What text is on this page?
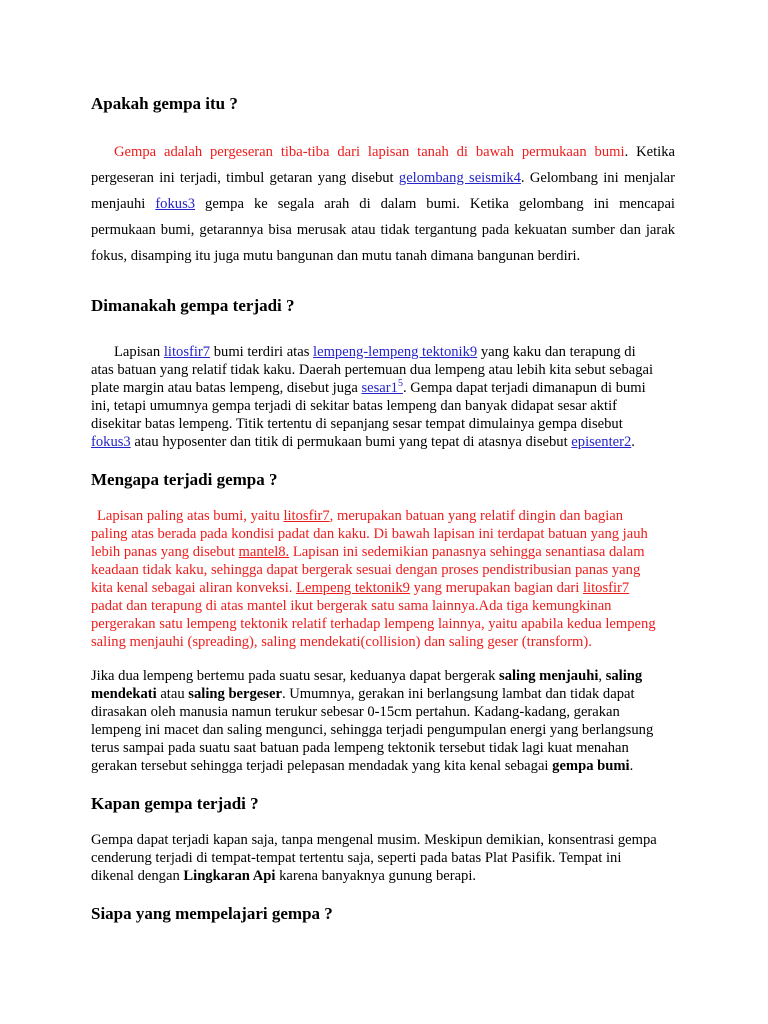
Apakah gempa itu ?
Gempa adalah pergeseran tiba-tiba dari lapisan tanah di bawah permukaan bumi. Ketika
pergeseran ini terjadi, timbul getaran yang disebut gelombang seismik4. Gelombang ini menjalar
menjauhi fokus3 gempa ke segala arah di dalam bumi. Ketika gelombang ini mencapai
permukaan bumi, getarannya bisa merusak atau tidak tergantung pada kekuatan sumber dan jarak
fokus, disamping itu juga mutu bangunan dan mutu tanah dimana bangunan berdiri.
Dimanakah gempa terjadi ?
Lapisan litosfir7 bumi terdiri atas lempeng-lempeng tektonik9 yang kaku dan terapung di
atas batuan yang relatif tidak kaku. Daerah pertemuan dua lempeng atau lebih kita sebut sebagai
plate margin atau batas lempeng, disebut juga $sesar1^5$. Gempa dapat terjadi dimanapun di bumi
ini, tetapi umumnya gempa terjadi di sekitar batas lempeng dan banyak didapat sesar aktif
disekitar batas lempeng. Titik tertentu di sepanjang sesar tempat dimulainya gempa disebut
fokus3 atau hyposenter dan titik di permukaan bumi yang tepat di atasnya disebut episenter2.
Mengapa terjadi gempa ?
Lapisan paling atas bumi, yaitu litosfir7, merupakan batuan yang relatif dingin dan bagian
paling atas berada pada kondisi padat dan kaku. Di bawah lapisan ini terdapat batuan yang jauh
lebih panas yang disebut mantel8. Lapisan ini sedemikian panasnya sehingga senantiasa dalam
keadaan tidak kaku, sehingga dapat bergerak sesuai dengan proses pendistribusian panas yang
kita kenal sebagai aliran konveksi. Lempeng tektonik9 yang merupakan bagian dari litosfir7
padat dan terapung di atas mantel ikut bergerak satu sama lainnya.Ada tiga kemungkinan
pergerakan satu lempeng tektonik relatif terhadap lempeng lainnya, yaitu apabila kedua lempeng
saling menjauhi (spreading), saling mendekati(collision) dan saling geser (transform).
Jika dua lempeng bertemu pada suatu sesar, keduanya dapat bergerak saling menjauhi, saling
mendekati atau saling bergeser. Umumnya, gerakan ini berlangsung lambat dan tidak dapat
dirasakan oleh manusia namun terukur sebesar 0-15cm pertahun. Kadang-kadang, gerakan
lempeng ini macet dan saling mengunci, sehingga terjadi pengumpulan energi yang berlangsung
terus sampai pada suatu saat batuan pada lempeng tektonik tersebut tidak lagi kuat menahan
gerakan tersebut sehingga terjadi pelepasan mendadak yang kita kenal sebagai gempa bumi.
Kapan gempa terjadi ?
Gempa dapat terjadi kapan saja, tanpa mengenal musim. Meskipun demikian, konsentrasi gempa
cenderung terjadi di tempat-tempat tertentu saja, seperti pada batas Plat Pasifik. Tempat ini
dikenal dengan Lingkaran Api karena banyaknya gunung berapi.
Siapa yang mempelajari gempa ?
